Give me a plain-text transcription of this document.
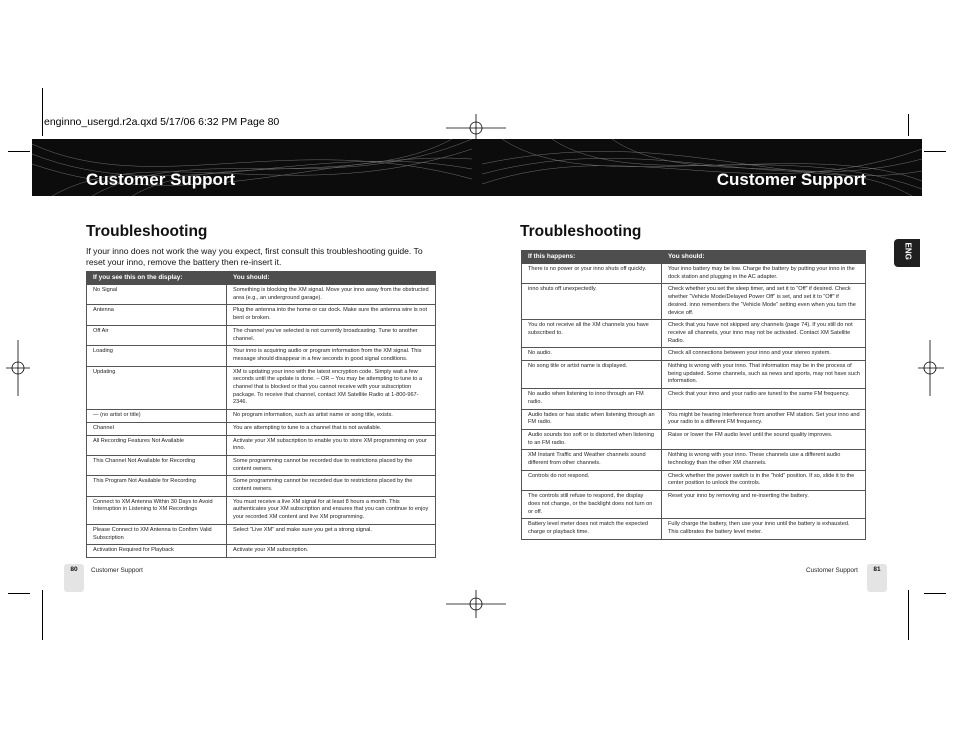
enginno_usergd.r2a.qxd 5/17/06 6:32 PM Page 80
Customer Support	Customer Support
Troubleshooting
If your inno does not work the way you expect, first consult this troubleshooting guide. To reset your inno, remove the battery then re-insert it.
If you see this on the display:	You should:
No Signal	Something is blocking the XM signal. Move your inno away from the obstructed area (e.g., an underground garage).
Antenna	Plug the antenna into the home or car dock. Make sure the antenna wire is not bent or broken.
Off Air	The channel you’ve selected is not currently broadcasting. Tune to another channel.
Loading	Your inno is acquiring audio or program information from the XM signal. This message should disappear in a few seconds in good signal conditions.
Updating	XM is updating your inno with the latest encryption code. Simply wait a few seconds until the update is done. – OR – You may be attempting to tune to a channel that is blocked or that you cannot receive with your subscription package. To receive that channel, contact XM Satellite Radio at 1-800-967-2346.
— (no artist or title)	No program information, such as artist name or song title, exists.
Channel	You are attempting to tune to a channel that is not available.
All Recording Features Not Available	Activate your XM subscription to enable you to store XM programming on your inno.
This Channel Not Available for Recording	Some programming cannot be recorded due to restrictions placed by the content owners.
This Program Not Available for Recording	Some programming cannot be recorded due to restrictions placed by the content owners.
Connect to XM Antenna Within 30 Days to Avoid Interruption in Listening to XM Recordings	You must receive a live XM signal for at least 8 hours a month. This authenticates your XM subscription and ensures that you can continue to enjoy your recorded XM content and live XM programming.
Please Connect to XM Antenna to Confirm Valid Subscription	Select “Live XM” and make sure you get a strong signal.
Activation Required for Playback	Activate your XM subscription.
80	Customer Support
Troubleshooting
ENG
If this happens:	You should:
There is no power or your inno shuts off quickly.	Your inno battery may be low. Charge the battery by putting your inno in the dock station and plugging in the AC adapter.
inno shuts off unexpectedly.	Check whether you set the sleep timer, and set it to “Off” if desired. Check whether “Vehicle Mode/Delayed Power Off” is set, and set it to “Off” if desired. inno remembers the “Vehicle Mode” setting even when you turn the device off.
You do not receive all the XM channels you have subscribed to.	Check that you have not skipped any channels (page 74). If you still do not receive all channels, your inno may not be activated. Contact XM Satellite Radio.
No audio.	Check all connections between your inno and your stereo system.
No song title or artist name is displayed.	Nothing is wrong with your inno. That information may be in the process of being updated. Some channels, such as news and sports, may not have such information.
No audio when listening to inno through an FM radio.	Check that your inno and your radio are tuned to the same FM frequency.
Audio fades or has static when listening through an FM radio.	You might be hearing interference from another FM station. Set your inno and your radio to a different FM frequency.
Audio sounds too soft or is distorted when listening to an FM radio.	Raise or lower the FM audio level until the sound quality improves.
XM Instant Traffic and Weather channels sound different from other channels.	Nothing is wrong with your inno. These channels use a different audio technology than the other XM channels.
Controls do not respond.	Check whether the power switch is in the “hold” position. If so, slide it to the center position to unlock the controls.
The controls still refuse to respond, the display does not change, or the backlight does not turn on or off.	Reset your inno by removing and re-inserting the battery.
Battery level meter does not match the expected charge or playback time.	Fully charge the battery, then use your inno until the battery is exhausted. This calibrates the battery level meter.
Customer Support	81
